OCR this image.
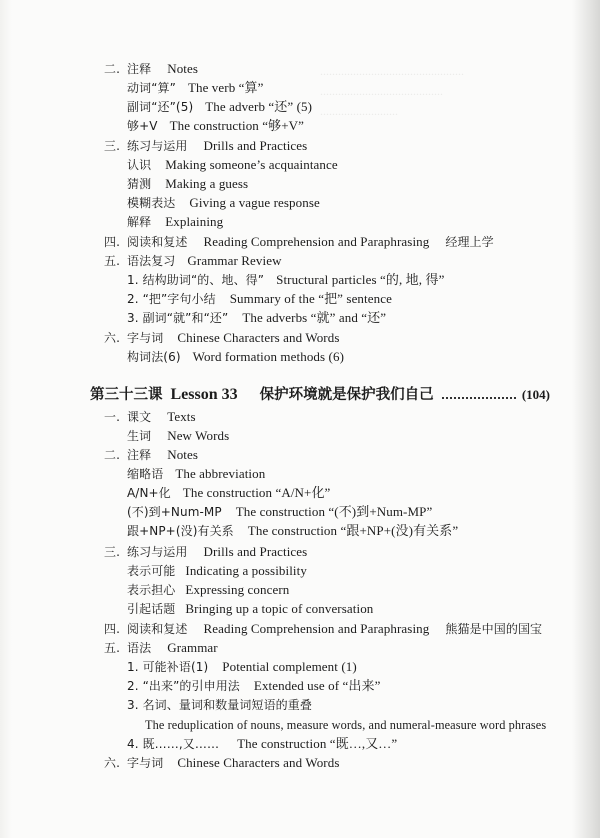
................................................
.........................................
..........................
二. 注释 Notes
动词“算” The verb “算”
副词“还”(5) The adverb “还” (5)
够+V The construction “够+V”
三. 练习与运用 Drills and Practices
认识 Making someone’s acquaintance
猜测 Making a guess
模糊表达 Giving a vague response
解释 Explaining
四. 阅读和复述 Reading Comprehension and Paraphrasing 经理上学
五. 语法复习 Grammar Review
1. 结构助词“的、地、得” Structural particles “的, 地, 得”
2. “把”字句小结 Summary of the “把” sentence
3. 副词“就”和“还” The adverbs “就” and “还”
六. 字与词 Chinese Characters and Words
构词法(6) Word formation methods (6)
第三十三课 Lesson 33 保护环境就是保护我们自己	(104)
一. 课文 Texts
生词 New Words
二. 注释 Notes
缩略语 The abbreviation
A/N+化 The construction “A/N+化”
(不)到+Num-MP The construction “(不)到+Num-MP”
跟+NP+(没)有关系 The construction “跟+NP+(没)有关系”
三. 练习与运用 Drills and Practices
表示可能 Indicating a possibility
表示担心 Expressing concern
引起话题 Bringing up a topic of conversation
四. 阅读和复述 Reading Comprehension and Paraphrasing 熊猫是中国的国宝
五. 语法 Grammar
1. 可能补语(1) Potential complement (1)
2. “出来”的引申用法 Extended use of “出来”
3. 名词、量词和数量词短语的重叠
The reduplication of nouns, measure words, and numeral-measure word phrases
4. 既……,又…… The construction “既…,又…”
六. 字与词 Chinese Characters and Words
